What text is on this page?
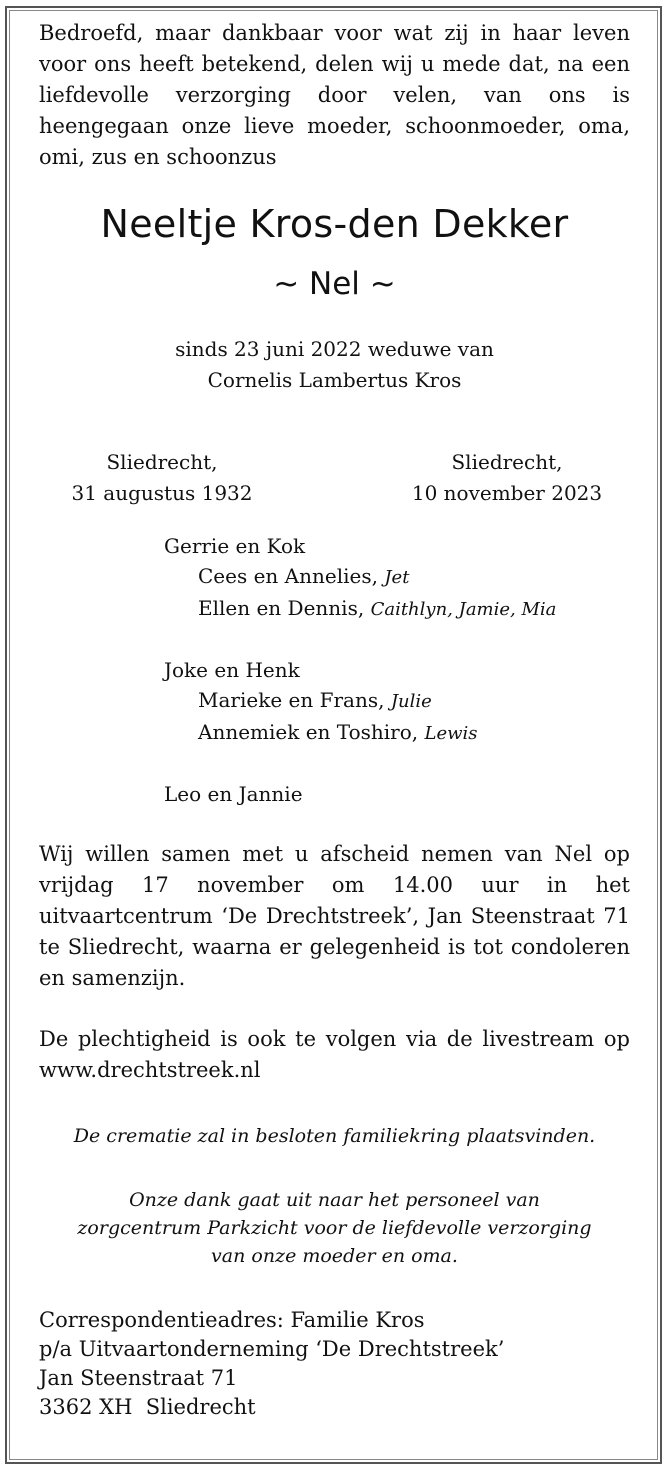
Bedroefd, maar dankbaar voor wat zij in haar leven voor ons heeft betekend, delen wij u mede dat, na een liefdevolle verzorging door velen, van ons is heengegaan onze lieve moeder, schoonmoeder, oma, omi, zus en schoonzus

Neeltje Kros-den Dekker
~ Nel ~
sinds 23 juni 2022 weduwe van
Cornelis Lambertus Kros
Sliedrecht,
31 augustus 1932
Sliedrecht,
10 november 2023
Gerrie en Kok
Cees en Annelies, Jet
Ellen en Dennis, Caithlyn, Jamie, Mia
Joke en Henk
Marieke en Frans, Julie
Annemiek en Toshiro, Lewis
Leo en Jannie

Wij willen samen met u afscheid nemen van Nel op vrijdag 17 november om 14.00 uur in het uitvaartcentrum ‘De Drechtstreek’, Jan Steenstraat 71 te Sliedrecht, waarna er gelegenheid is tot condoleren en samenzijn.

De plechtigheid is ook te volgen via de livestream op www.drechtstreek.nl

De crematie zal in besloten familiekring plaatsvinden.

Onze dank gaat uit naar het personeel van
zorgcentrum Parkzicht voor de liefdevolle verzorging
van onze moeder en oma.
Correspondentieadres: Familie Kros
p/a Uitvaartonderneming ‘De Drechtstreek’
Jan Steenstraat 71
3362 XH  Sliedrecht
